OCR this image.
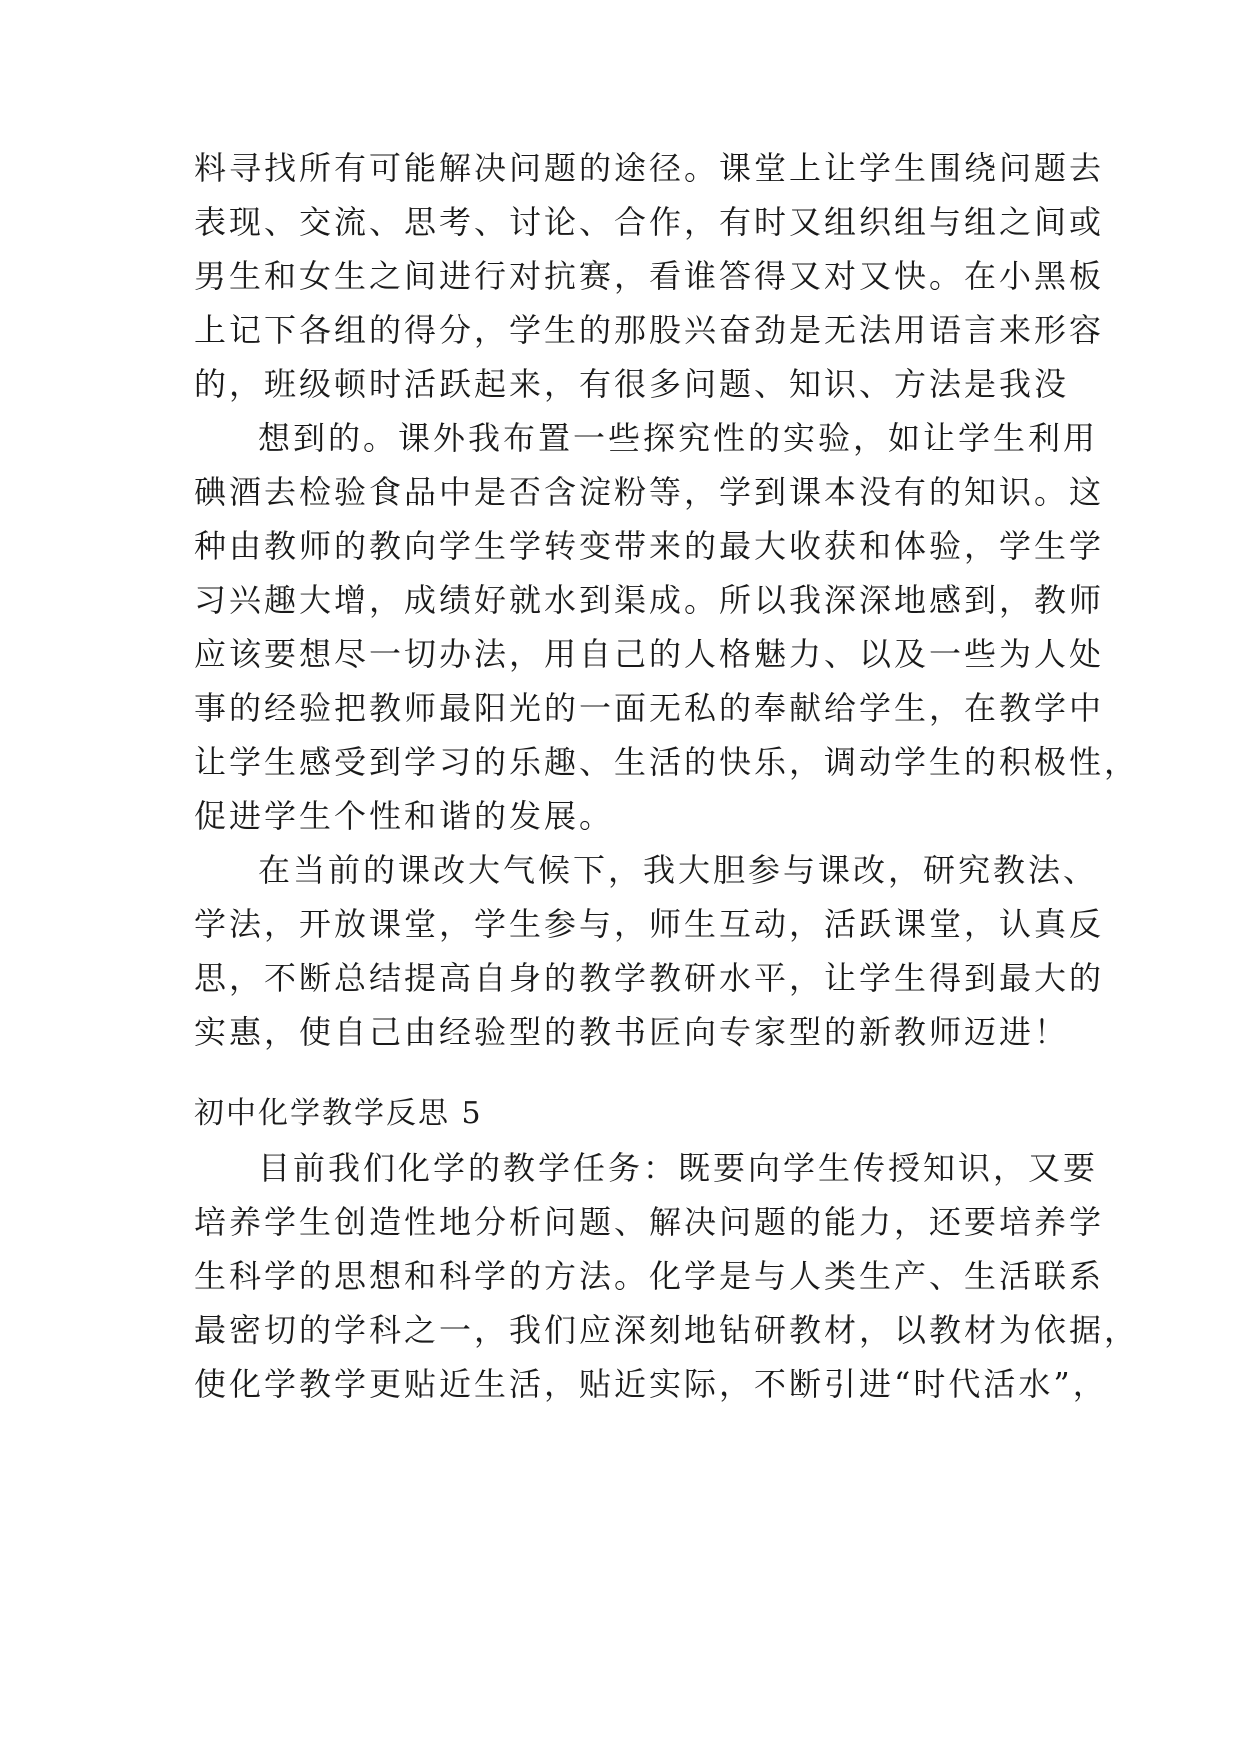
料寻找所有可能解决问题的途径。课堂上让学生围绕问题去

表现、交流、思考、讨论、合作，有时又组织组与组之间或

男生和女生之间进行对抗赛，看谁答得又对又快。在小黑板

上记下各组的得分，学生的那股兴奋劲是无法用语言来形容

的，班级顿时活跃起来，有很多问题、知识、方法是我没

想到的。课外我布置一些探究性的实验，如让学生利用

碘酒去检验食品中是否含淀粉等，学到课本没有的知识。这

种由教师的教向学生学转变带来的最大收获和体验，学生学

习兴趣大增，成绩好就水到渠成。所以我深深地感到，教师

应该要想尽一切办法，用自己的人格魅力、以及一些为人处

事的经验把教师最阳光的一面无私的奉献给学生，在教学中

让学生感受到学习的乐趣、生活的快乐，调动学生的积极性，

促进学生个性和谐的发展。

在当前的课改大气候下，我大胆参与课改，研究教法、

学法，开放课堂，学生参与，师生互动，活跃课堂，认真反

思，不断总结提高自身的教学教研水平，让学生得到最大的

实惠，使自己由经验型的教书匠向专家型的新教师迈进！

初中化学教学反思 5

目前我们化学的教学任务：既要向学生传授知识，又要

培养学生创造性地分析问题、解决问题的能力，还要培养学

生科学的思想和科学的方法。化学是与人类生产、生活联系

最密切的学科之一，我们应深刻地钻研教材，以教材为依据，

使化学教学更贴近生活，贴近实际，不断引进“时代活水”，
